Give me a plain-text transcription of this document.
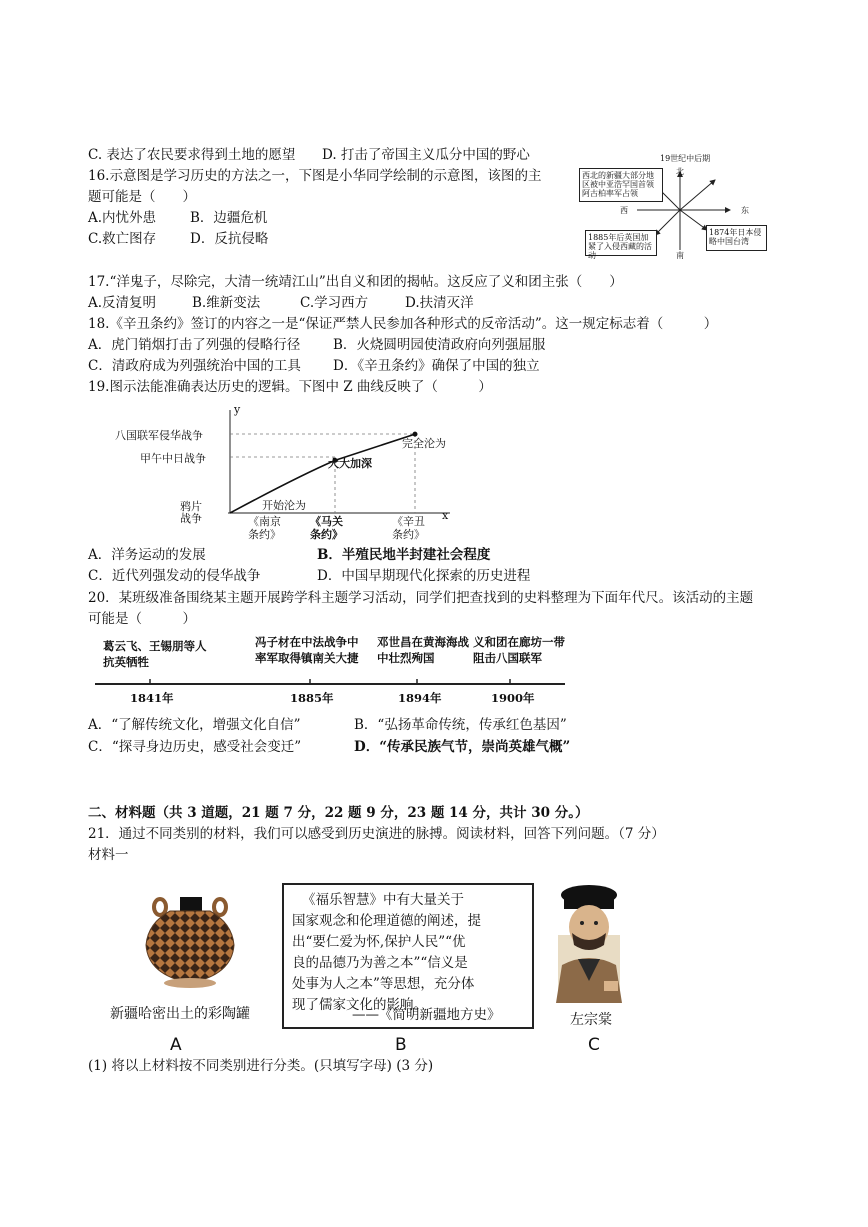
C. 表达了农民要求得到土地的愿望 D. 打击了帝国主义瓜分中国的野心
16.示意图是学习历史的方法之一，下图是小华同学绘制的示意图，该图的主
题可能是（　　）
A.内忧外患	B．边疆危机
C.救亡图存	D．反抗侵略
19世纪中后期
北
南
东
西
西北的新疆大部分地区被中亚浩罕国首领阿古柏率军占领
1885年后英国加紧了入侵西藏的活动
1874年日本侵略中国台湾
17.“洋鬼子，尽除完，大清一统靖江山”出自义和团的揭帖。这反应了义和团主张（　　）
A.反清复明	B.维新变法	C.学习西方	D.扶清灭洋
18.《辛丑条约》签订的内容之一是“保证严禁人民参加各种形式的反帝活动”。这一规定标志着（　　　）
A．虎门销烟打击了列强的侵略行径 B．火烧圆明园使清政府向列强屈服
C．清政府成为列强统治中国的工具 D．《辛丑条约》确保了中国的独立
19.图示法能准确表达历史的逻辑。下图中 Z 曲线反映了（　　　）
y
x
八国联军侵华战争
甲午中日战争
鸦片战争	《南京条约》
《马关条约》
《辛丑条约》
开始沦为
大大加深
完全沦为
A．洋务运动的发展	B．半殖民地半封建社会程度
C．近代列强发动的侵华战争	D．中国早期现代化探索的历史进程
20．某班级准备围绕某主题开展跨学科主题学习活动，同学们把查找到的史料整理为下面年代尺。该活动的主题
可能是（　　　）
葛云飞、王锡朋等人抗英牺牲
冯子材在中法战争中率军取得镇南关大捷
邓世昌在黄海海战中壮烈殉国
义和团在廊坊一带阻击八国联军
1841年	1885年	1894年	1900年
A．“了解传统文化，增强文化自信”	B．“弘扬革命传统，传承红色基因”
C．“探寻身边历史，感受社会变迁”	D．“传承民族气节，崇尚英雄气概”
二、材料题（共 3 道题，21 题 7 分，22 题 9 分，23 题 14 分，共计 30 分。）
21．通过不同类别的材料，我们可以感受到历史演进的脉搏。阅读材料，回答下列问题。（7 分）
材料一
新疆哈密出土的彩陶罐
《福乐智慧》中有大量关于
国家观念和伦理道德的阐述，提
出“要仁爱为怀,保护人民”“优
良的品德乃为善之本”“信义是
处事为人之本”等思想，充分体
现了儒家文化的影响。
——《简明新疆地方史》	左宗棠
A	B	C
(1) 将以上材料按不同类别进行分类。(只填写字母) (3 分)
